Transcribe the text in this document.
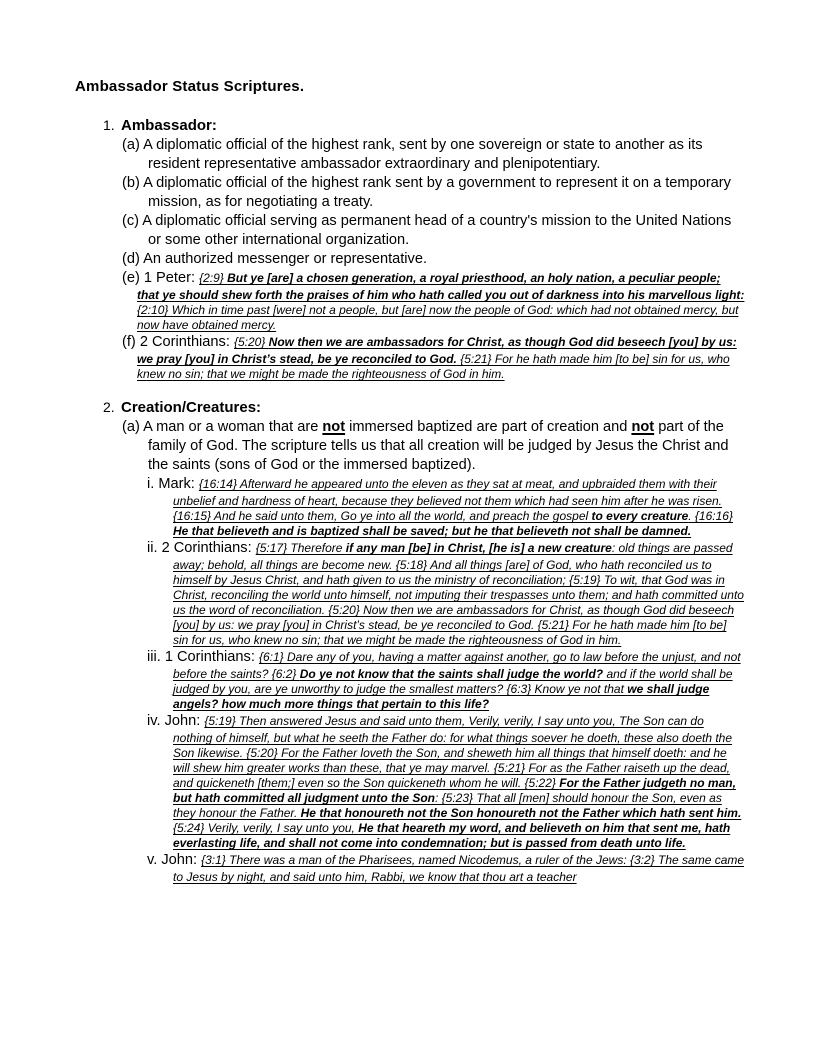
Ambassador Status Scriptures.
1. Ambassador:
(a) A diplomatic official of the highest rank, sent by one sovereign or state to another as its resident representative ambassador extraordinary and plenipotentiary.
(b) A diplomatic official of the highest rank sent by a government to represent it on a temporary mission, as for negotiating a treaty.
(c) A diplomatic official serving as permanent head of a country's mission to the United Nations or some other international organization.
(d) An authorized messenger or representative.
(e) 1 Peter: {2:9} But ye [are] a chosen generation, a royal priesthood, an holy nation, a peculiar people; that ye should shew forth the praises of him who hath called you out of darkness into his marvellous light: {2:10} Which in time past [were] not a people, but [are] now the people of God: which had not obtained mercy, but now have obtained mercy.
(f) 2 Corinthians: {5:20} Now then we are ambassadors for Christ, as though God did beseech [you] by us: we pray [you] in Christ’s stead, be ye reconciled to God. {5:21} For he hath made him [to be] sin for us, who knew no sin; that we might be made the righteousness of God in him.
2. Creation/Creatures:
(a) A man or a woman that are not immersed baptized are part of creation and not part of the family of God. The scripture tells us that all creation will be judged by Jesus the Christ and the saints (sons of God or the immersed baptized).
i. Mark: {16:14} Afterward he appeared unto the eleven as they sat at meat, and upbraided them with their unbelief and hardness of heart, because they believed not them which had seen him after he was risen. {16:15} And he said unto them, Go ye into all the world, and preach the gospel to every creature. {16:16} He that believeth and is baptized shall be saved; but he that believeth not shall be damned.
ii. 2 Corinthians: {5:17} Therefore if any man [be] in Christ, [he is] a new creature: old things are passed away; behold, all things are become new. {5:18} And all things [are] of God, who hath reconciled us to himself by Jesus Christ, and hath given to us the ministry of reconciliation; {5:19} To wit, that God was in Christ, reconciling the world unto himself, not imputing their trespasses unto them; and hath committed unto us the word of reconciliation. {5:20} Now then we are ambassadors for Christ, as though God did beseech [you] by us: we pray [you] in Christ’s stead, be ye reconciled to God. {5:21} For he hath made him [to be] sin for us, who knew no sin; that we might be made the righteousness of God in him.
iii. 1 Corinthians: {6:1} Dare any of you, having a matter against another, go to law before the unjust, and not before the saints? {6:2} Do ye not know that the saints shall judge the world? and if the world shall be judged by you, are ye unworthy to judge the smallest matters? {6:3} Know ye not that we shall judge angels? how much more things that pertain to this life?
iv. John: {5:19} Then answered Jesus and said unto them, Verily, verily, I say unto you, The Son can do nothing of himself, but what he seeth the Father do: for what things soever he doeth, these also doeth the Son likewise. {5:20} For the Father loveth the Son, and sheweth him all things that himself doeth: and he will shew him greater works than these, that ye may marvel. {5:21} For as the Father raiseth up the dead, and quickeneth [them;] even so the Son quickeneth whom he will. {5:22} For the Father judgeth no man, but hath committed all judgment unto the Son: {5:23} That all [men] should honour the Son, even as they honour the Father. He that honoureth not the Son honoureth not the Father which hath sent him. {5:24} Verily, verily, I say unto you, He that heareth my word, and believeth on him that sent me, hath everlasting life, and shall not come into condemnation; but is passed from death unto life.
v. John: {3:1} There was a man of the Pharisees, named Nicodemus, a ruler of the Jews: {3:2} The same came to Jesus by night, and said unto him, Rabbi, we know that thou art a teacher
